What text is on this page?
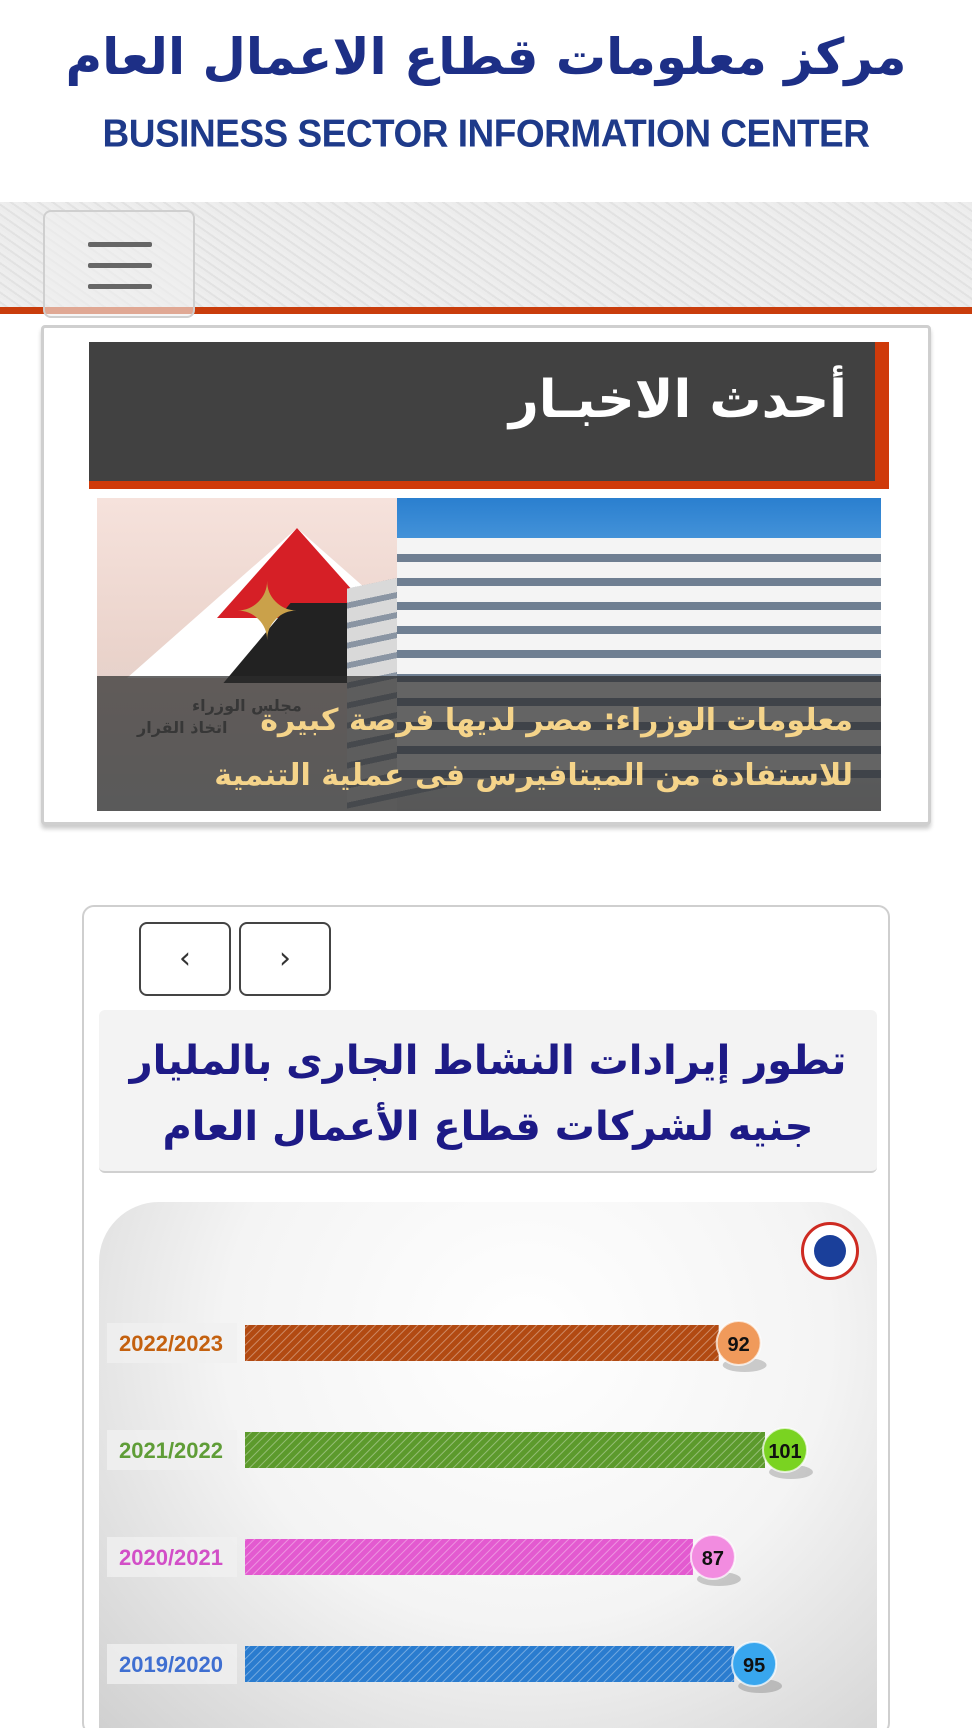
مركز معلومات قطاع الاعمال العام
BUSINESS SECTOR INFORMATION CENTER
أحدث الاخبـار
✦
معلومات الوزراء: مصر لديها فرصة كبيرة للاستفادة من الميتافيرس فى عملية التنمية
‹	›
تطور إيرادات النشاط الجارى بالمليار جنيه لشركات قطاع الأعمال العام
2022/2023	92
2021/2022	101
2020/2021	87
2019/2020	95
